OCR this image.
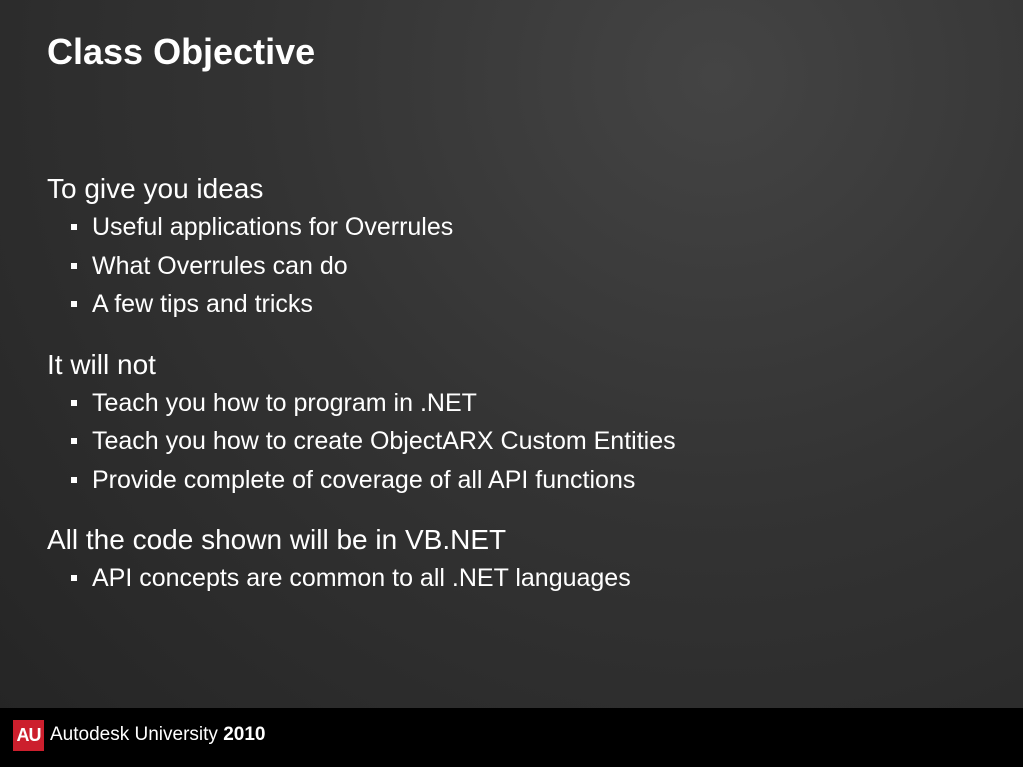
Class Objective

To give you ideas

Useful applications for Overrules
What Overrules can do
A few tips and tricks

It will not

Teach you how to program in .NET
Teach you how to create ObjectARX Custom Entities
Provide complete of coverage of all API functions

All the code shown will be in VB.NET

API concepts are common to all .NET languages
AU Autodesk University 2010
